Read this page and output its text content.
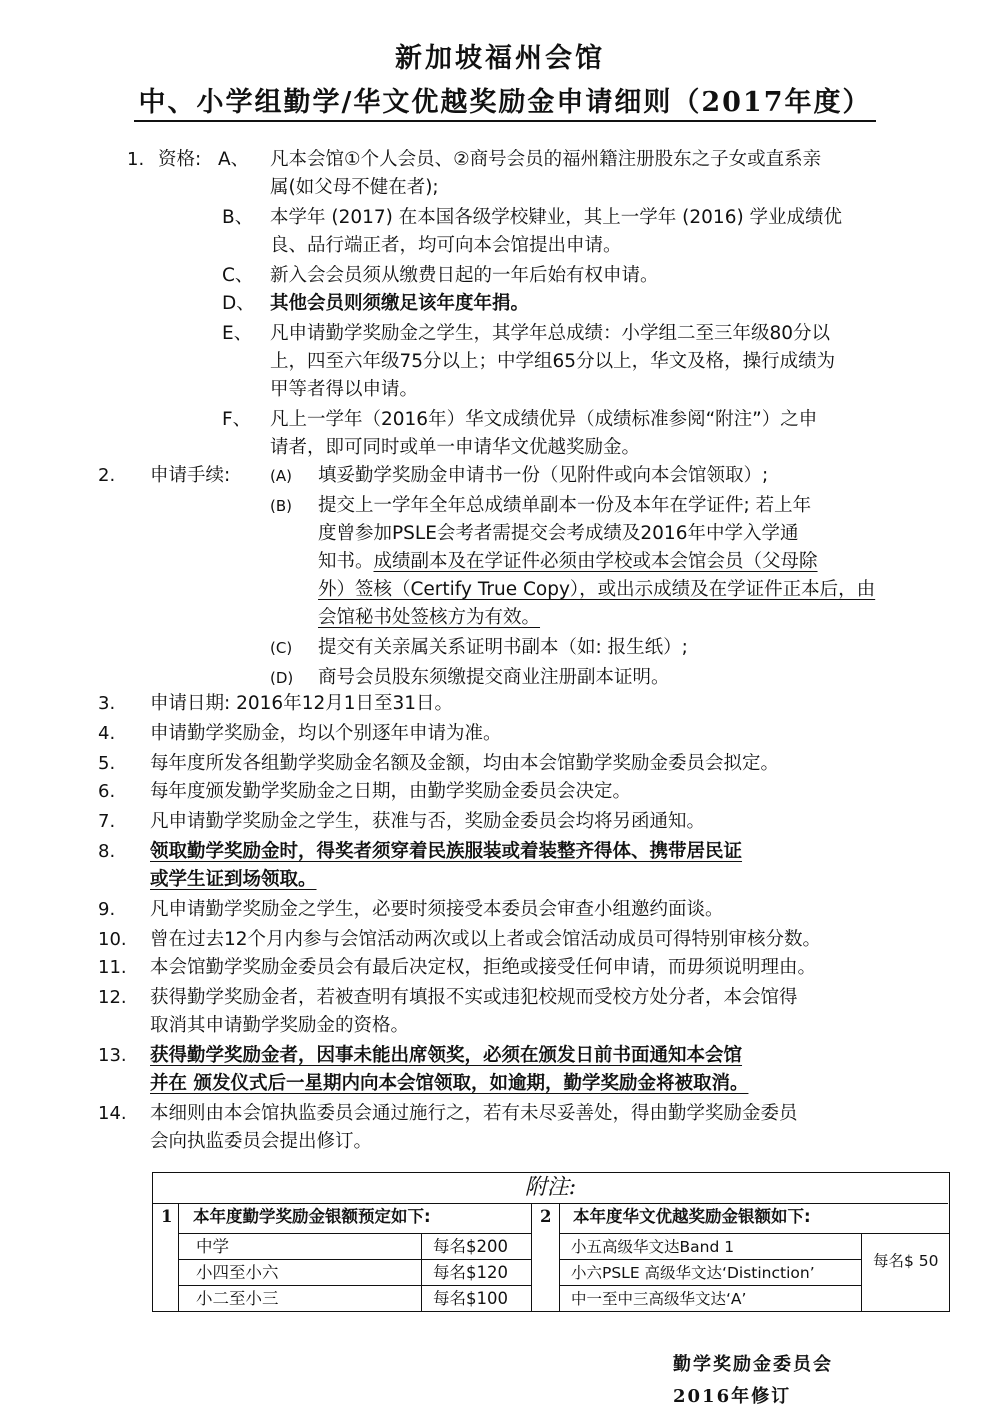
新加坡福州会馆
中、小学组勤学/华文优越奖励金申请细则（2017年度）
1. 资格: A、 凡本会馆①个人会员、②商号会员的福州籍注册股东之子女或直系亲
属(如父母不健在者);
B、 本学年 (2017) 在本国各级学校肄业，其上一学年 (2016) 学业成绩优
良、品行端正者，均可向本会馆提出申请。
C、 新入会会员须从缴费日起的一年后始有权申请。
D、 其他会员则须缴足该年度年捐。
E、 凡申请勤学奖励金之学生，其学年总成绩：小学组二至三年级80分以
上，四至六年级75分以上；中学组65分以上，华文及格，操行成绩为
甲等者得以申请。
F、 凡上一学年（2016年）华文成绩优异（成绩标准参阅“附注”）之申
请者，即可同时或单一申请华文优越奖励金。
2. 申请手续:	(A) 填妥勤学奖励金申请书一份（见附件或向本会馆领取）;
(B) 提交上一学年全年总成绩单副本一份及本年在学证件; 若上年
度曾参加PSLE会考者需提交会考成绩及2016年中学入学通
知书。成绩副本及在学证件必须由学校或本会馆会员（父母除
外）签核（Certify True Copy），或出示成绩及在学证件正本后，由
会馆秘书处签核方为有效。
(C) 提交有关亲属关系证明书副本（如: 报生纸）;
(D) 商号会员股东须缴提交商业注册副本证明。
3. 申请日期: 2016年12月1日至31日。
4. 申请勤学奖励金，均以个别逐年申请为准。
5. 每年度所发各组勤学奖励金名额及金额，均由本会馆勤学奖励金委员会拟定。
6. 每年度颁发勤学奖励金之日期，由勤学奖励金委员会决定。
7. 凡申请勤学奖励金之学生，获准与否，奖励金委员会均将另函通知。
8. 领取勤学奖励金时，得奖者须穿着民族服装或着装整齐得体、携带居民证
或学生证到场领取。
9. 凡申请勤学奖励金之学生，必要时须接受本委员会审查小组邀约面谈。
10. 曾在过去12个月内参与会馆活动两次或以上者或会馆活动成员可得特别审核分数。
11. 本会馆勤学奖励金委员会有最后决定权，拒绝或接受任何申请，而毋须说明理由。
12. 获得勤学奖励金者，若被查明有填报不实或违犯校规而受校方处分者，本会馆得
取消其申请勤学奖励金的资格。
13. 获得勤学奖励金者，因事未能出席领奖，必须在颁发日前书面通知本会馆
并在 颁发仪式后一星期内向本会馆领取，如逾期，勤学奖励金将被取消。
14. 本细则由本会馆执监委员会通过施行之，若有未尽妥善处，得由勤学奖励金委员
会向执监委员会提出修订。
附注:
1	本年度勤学奖励金银额预定如下:
中学	每名$200
小四至小六	每名$120
小二至小三	每名$100
2	本年度华文优越奖励金银额如下:
小五高级华文达Band 1
小六PSLE 高级华文达‘Distinction’
中一至中三高级华文达‘A’
每名$ 50
勤学奖励金委员会
2016年修订
